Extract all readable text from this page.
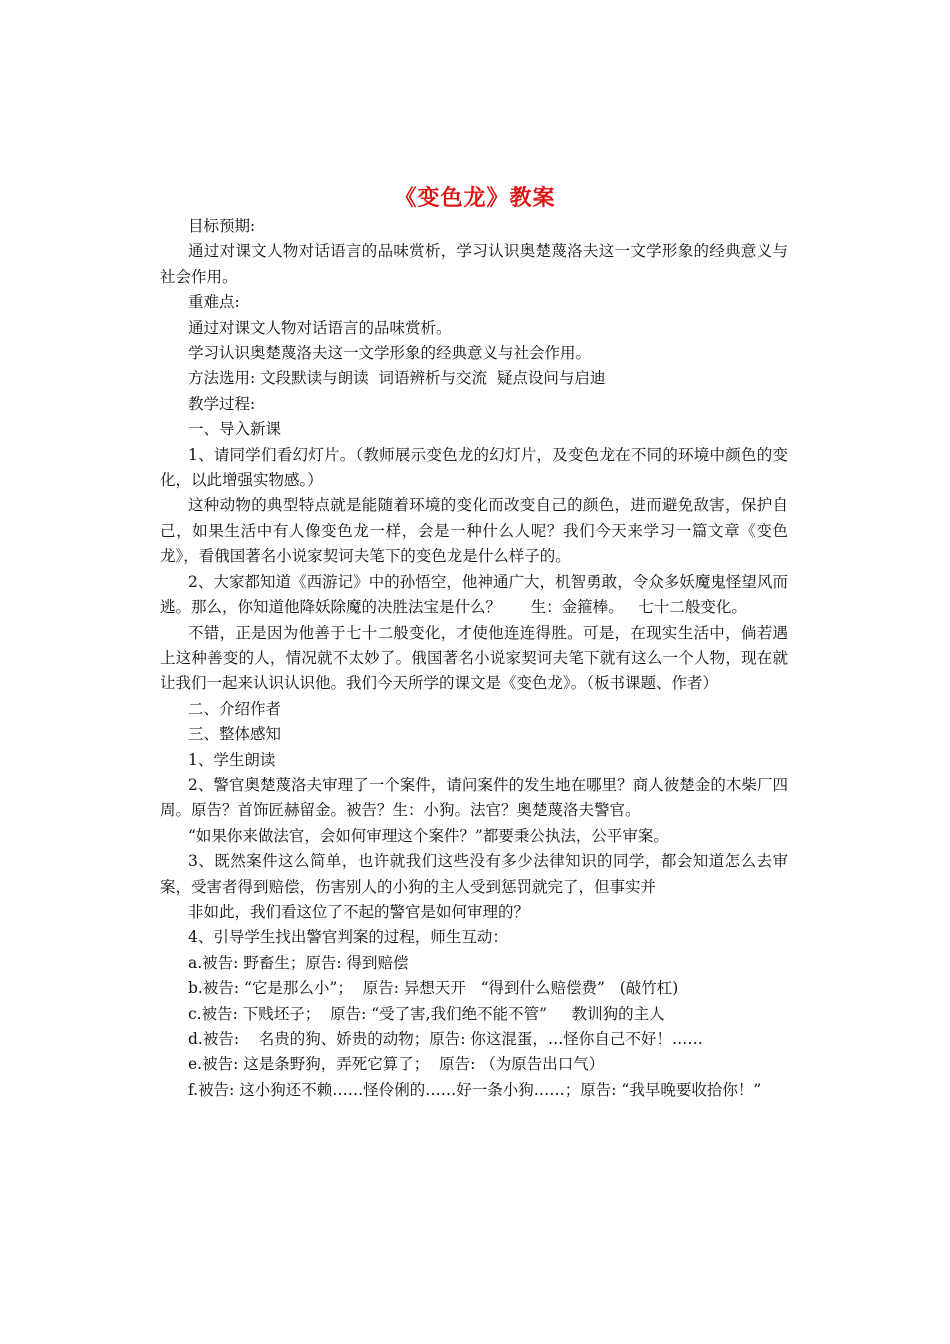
《变色龙》教案

目标预期:

通过对课文人物对话语言的品味赏析，学习认识奥楚蔑洛夫这一文学形象的经典意义与社会作用。

重难点:

通过对课文人物对话语言的品味赏析。

学习认识奥楚蔑洛夫这一文学形象的经典意义与社会作用。

方法选用: 文段默读与朗读  词语辨析与交流  疑点设问与启迪

教学过程:

一、导入新课

1、请同学们看幻灯片。（教师展示变色龙的幻灯片，及变色龙在不同的环境中颜色的变化，以此增强实物感。）

这种动物的典型特点就是能随着环境的变化而改变自己的颜色，进而避免敌害，保护自己，如果生活中有人像变色龙一样，会是一种什么人呢？我们今天来学习一篇文章《变色龙》，看俄国著名小说家契诃夫笔下的变色龙是什么样子的。

2、大家都知道《西游记》中的孙悟空，他神通广大，机智勇敢，令众多妖魔鬼怪望风而逃。那么，你知道他降妖除魔的决胜法宝是什么？      生：金箍棒。   七十二般变化。

不错，正是因为他善于七十二般变化，才使他连连得胜。可是，在现实生活中，倘若遇上这种善变的人，情况就不太妙了。俄国著名小说家契诃夫笔下就有这么一个人物，现在就让我们一起来认识认识他。我们今天所学的课文是《变色龙》。（板书课题、作者）

二、介绍作者

三、整体感知

1、学生朗读

2、警官奥楚蔑洛夫审理了一个案件，请问案件的发生地在哪里？商人彼楚金的木柴厂四周。原告？首饰匠赫留金。被告？生：小狗。法官？奥楚蔑洛夫警官。

“如果你来做法官，会如何审理这个案件？”都要秉公执法，公平审案。

3、既然案件这么简单，也许就我们这些没有多少法律知识的同学，都会知道怎么去审案，受害者得到赔偿，伤害别人的小狗的主人受到惩罚就完了，但事实并

非如此，我们看这位了不起的警官是如何审理的？

4、引导学生找出警官判案的过程，师生互动：

a.被告: 野畜生；原告: 得到赔偿

b.被告: “它是那么小”；  原告: 异想天开   “得到什么赔偿费”   (敲竹杠)

c.被告: 下贱坯子；  原告: “受了害,我们绝不能不管”     教训狗的主人

d.被告:    名贵的狗、娇贵的动物；原告: 你这混蛋，…怪你自己不好！……

e.被告: 这是条野狗，弄死它算了；  原告: （为原告出口气）

f.被告: 这小狗还不赖……怪伶俐的……好一条小狗……；原告: “我早晚要收拾你！”
